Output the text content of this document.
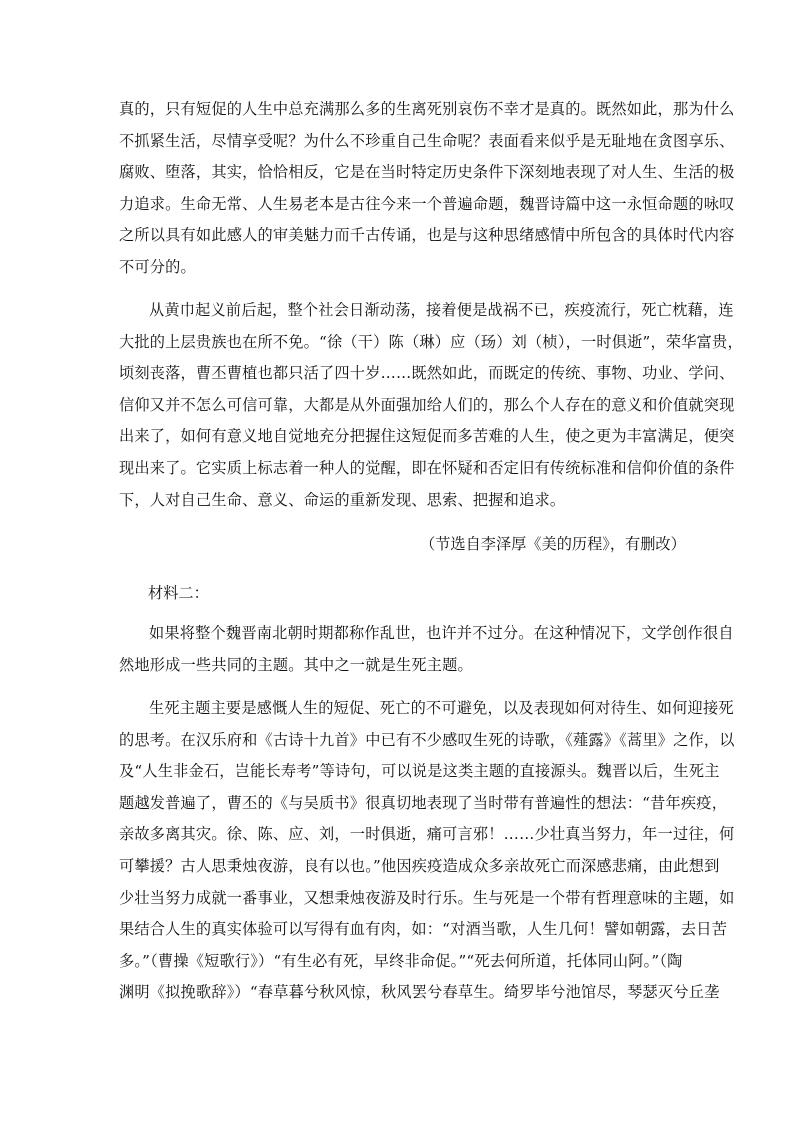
真的，只有短促的人生中总充满那么多的生离死别哀伤不幸才是真的。既然如此，那为什么
不抓紧生活，尽情享受呢？为什么不珍重自己生命呢？表面看来似乎是无耻地在贪图享乐、
腐败、堕落，其实，恰恰相反，它是在当时特定历史条件下深刻地表现了对人生、生活的极
力追求。生命无常、人生易老本是古往今来一个普遍命题，魏晋诗篇中这一永恒命题的咏叹
之所以具有如此感人的审美魅力而千古传诵，也是与这种思绪感情中所包含的具体时代内容
不可分的。
从黄巾起义前后起，整个社会日渐动荡，接着便是战祸不已，疾疫流行，死亡枕藉，连
大批的上层贵族也在所不免。“徐（干）陈（琳）应（玚）刘（桢），一时俱逝”，荣华富贵，
顷刻丧落，曹丕曹植也都只活了四十岁……既然如此，而既定的传统、事物、功业、学问、
信仰又并不怎么可信可靠，大都是从外面强加给人们的，那么个人存在的意义和价值就突现
出来了，如何有意义地自觉地充分把握住这短促而多苦难的人生，使之更为丰富满足，便突
现出来了。它实质上标志着一种人的觉醒，即在怀疑和否定旧有传统标准和信仰价值的条件
下，人对自己生命、意义、命运的重新发现、思索、把握和追求。

（节选自李泽厚《美的历程》，有删改）

材料二：

如果将整个魏晋南北朝时期都称作乱世，也许并不过分。在这种情况下，文学创作很自
然地形成一些共同的主题。其中之一就是生死主题。
生死主题主要是感慨人生的短促、死亡的不可避免，以及表现如何对待生、如何迎接死
的思考。在汉乐府和《古诗十九首》中已有不少感叹生死的诗歌，《薤露》《蒿里》之作，以
及“人生非金石，岂能长寿考”等诗句，可以说是这类主题的直接源头。魏晋以后，生死主
题越发普遍了，曹丕的《与吴质书》很真切地表现了当时带有普遍性的想法：“昔年疾疫，
亲故多离其灾。徐、陈、应、刘，一时俱逝，痛可言邪！……少壮真当努力，年一过往，何
可攀援？古人思秉烛夜游，良有以也。”他因疾疫造成众多亲故死亡而深感悲痛，由此想到
少壮当努力成就一番事业，又想秉烛夜游及时行乐。生与死是一个带有哲理意味的主题，如
果结合人生的真实体验可以写得有血有肉，如：“对酒当歌，人生几何！譬如朝露，去日苦
多。”（曹操《短歌行》）“有生必有死，早终非命促。”“死去何所道，托体同山阿。”（陶
渊明《拟挽歌辞》）“春草暮兮秋风惊，秋风罢兮春草生。绮罗毕兮池馆尽，琴瑟灭兮丘垄
